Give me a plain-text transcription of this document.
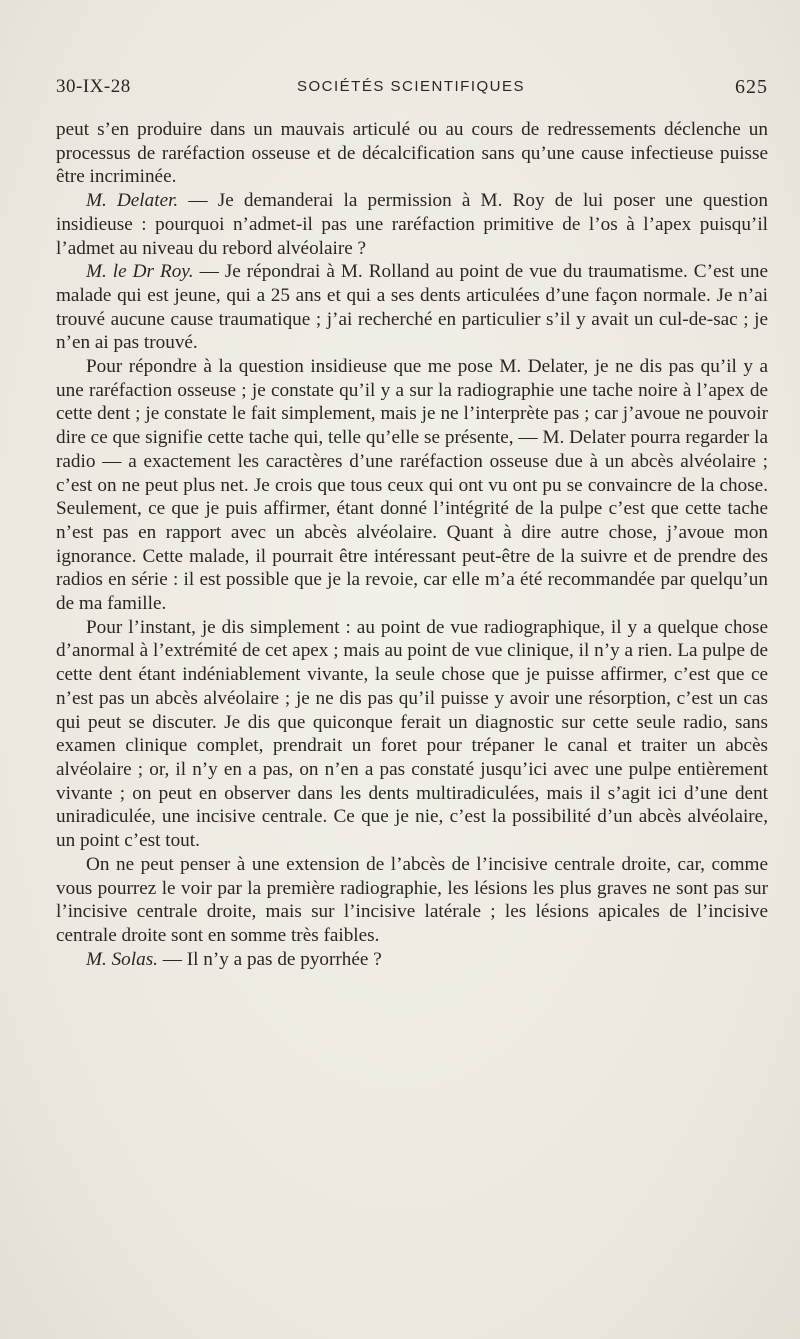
30-IX-28	SOCIÉTÉS SCIENTIFIQUES	625

peut s’en produire dans un mauvais articulé ou au cours de redressements déclenche un processus de raréfaction osseuse et de décalcification sans qu’une cause infectieuse puisse être incriminée.

M. Delater. — Je demanderai la permission à M. Roy de lui poser une question insidieuse : pourquoi n’admet-il pas une raréfaction primitive de l’os à l’apex puisqu’il l’admet au niveau du rebord alvéolaire ?

M. le Dr Roy. — Je répondrai à M. Rolland au point de vue du traumatisme. C’est une malade qui est jeune, qui a 25 ans et qui a ses dents articulées d’une façon normale. Je n’ai trouvé aucune cause traumatique ; j’ai recherché en particulier s’il y avait un cul-de-sac ; je n’en ai pas trouvé.

Pour répondre à la question insidieuse que me pose M. Delater, je ne dis pas qu’il y a une raréfaction osseuse ; je constate qu’il y a sur la radiographie une tache noire à l’apex de cette dent ; je constate le fait simplement, mais je ne l’interprète pas ; car j’avoue ne pouvoir dire ce que signifie cette tache qui, telle qu’elle se présente, — M. Delater pourra regarder la radio — a exactement les caractères d’une raréfaction osseuse due à un abcès alvéolaire ; c’est on ne peut plus net. Je crois que tous ceux qui ont vu ont pu se convaincre de la chose. Seulement, ce que je puis affirmer, étant donné l’intégrité de la pulpe c’est que cette tache n’est pas en rapport avec un abcès alvéolaire. Quant à dire autre chose, j’avoue mon ignorance. Cette malade, il pourrait être intéressant peut-être de la suivre et de prendre des radios en série : il est possible que je la revoie, car elle m’a été recommandée par quelqu’un de ma famille.

Pour l’instant, je dis simplement : au point de vue radiographique, il y a quelque chose d’anormal à l’extrémité de cet apex ; mais au point de vue clinique, il n’y a rien. La pulpe de cette dent étant indéniablement vivante, la seule chose que je puisse affirmer, c’est que ce n’est pas un abcès alvéolaire ; je ne dis pas qu’il puisse y avoir une résorption, c’est un cas qui peut se discuter. Je dis que quiconque ferait un diagnostic sur cette seule radio, sans examen clinique complet, prendrait un foret pour trépaner le canal et traiter un abcès alvéolaire ; or, il n’y en a pas, on n’en a pas constaté jusqu’ici avec une pulpe entièrement vivante ; on peut en observer dans les dents multiradiculées, mais il s’agit ici d’une dent uniradiculée, une incisive centrale. Ce que je nie, c’est la possibilité d’un abcès alvéolaire, un point c’est tout.

On ne peut penser à une extension de l’abcès de l’incisive centrale droite, car, comme vous pourrez le voir par la première radiographie, les lésions les plus graves ne sont pas sur l’incisive centrale droite, mais sur l’incisive latérale ; les lésions apicales de l’incisive centrale droite sont en somme très faibles.

M. Solas. — Il n’y a pas de pyorrhée ?
